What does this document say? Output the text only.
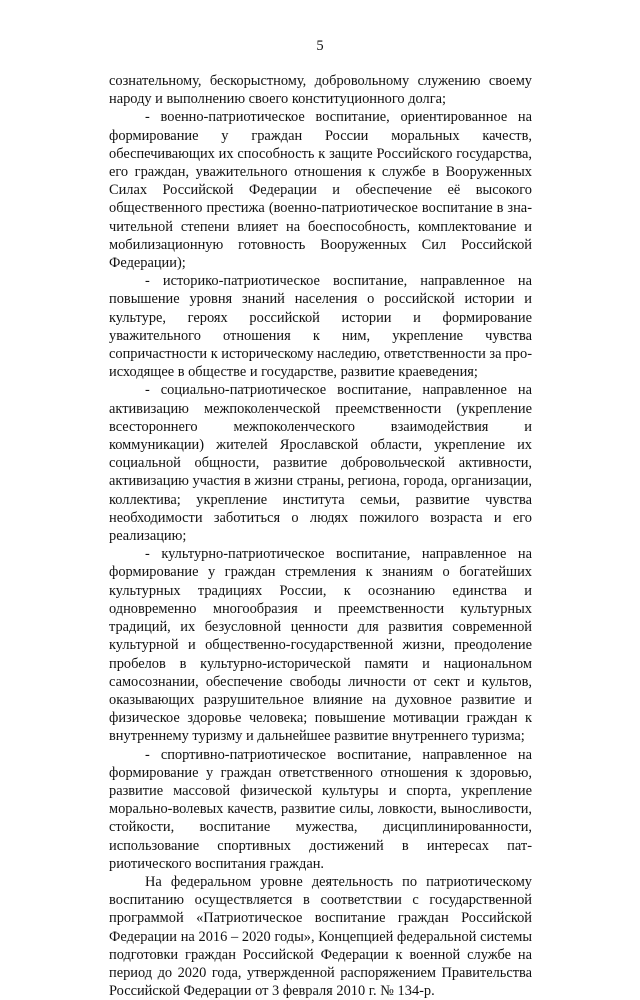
5

сознательному, бескорыстному, добровольному служению своему народу и выполнению своего конституционного долга;

- военно-патриотическое воспитание, ориентированное на формирование у граждан России моральных качеств, обеспечивающих их способность к защите Российского государства, его граждан, уважительного отношения к службе в Вооруженных Силах Российской Федерации и обеспечение её высокого общественного престижа (военно-патриотическое воспитание в значительной степени влияет на боеспособность, комплектование и мобилизационную готовность Вооруженных Сил Российской Федерации);

- историко-патриотическое воспитание, направленное на повышение уровня знаний населения о российской истории и культуре, героях российской истории и формирование уважительного отношения к ним, укрепление чувства сопричастности к историческому наследию, ответственности за происходящее в обществе и государстве, развитие краеведения;

- социально-патриотическое воспитание, направленное на активизацию межпоколенческой преемственности (укрепление всестороннего межпоколенческого взаимодействия и коммуникации) жителей Ярославской области, укрепление их социальной общности, развитие добровольческой активности, активизацию участия в жизни страны, региона, города, организации, коллектива; укрепление института семьи, развитие чувства необходимости заботиться о людях пожилого возраста и его реализацию;

- культурно-патриотическое воспитание, направленное на формирование у граждан стремления к знаниям о богатейших культурных традициях России, к осознанию единства и одновременно многообразия и преемственности культурных традиций, их безусловной ценности для развития современной культурной и общественно-государственной жизни, преодоление пробелов в культурно-исторической памяти и национальном самосознании, обеспечение свободы личности от сект и культов, оказывающих разрушительное влияние на духовное развитие и физическое здоровье человека; повышение мотивации граждан к внутреннему туризму и дальнейшее развитие внутреннего туризма;

- спортивно-патриотическое воспитание, направленное на формирование у граждан ответственного отношения к здоровью, развитие массовой физической культуры и спорта, укрепление морально-волевых качеств, развитие силы, ловкости, выносливости, стойкости, воспитание мужества, дисциплинированности, использование спортивных достижений в интересах патриотического воспитания граждан.

На федеральном уровне деятельность по патриотическому воспитанию осуществляется в соответствии с государственной программой «Патриотическое воспитание граждан Российской Федерации на 2016 – 2020 годы», Концепцией федеральной системы подготовки граждан Российской Федерации к военной службе на период до 2020 года, утвержденной распоряжением Правительства Российской Федерации от 3 февраля 2010 г. № 134-р.
